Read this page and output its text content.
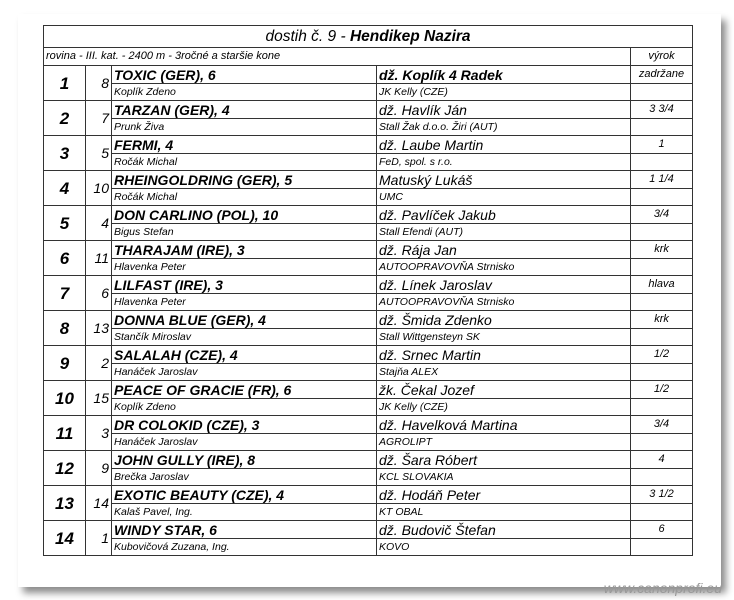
dostih č. 9 - Hendikep Nazira				
rovina - III. kat. - 2400 m - 3ročné a staršie kone				výrok
1	8	TOXIC (GER), 6	dž. Koplík 4 Radek	zadržane
		Koplík Zdeno	JK Kelly (CZE)	
2	7	TARZAN (GER), 4	dž. Havlík Ján	3 3/4
		Prunk Živa	Stall Žak d.o.o. Žiri (AUT)	
3	5	FERMI, 4	dž. Laube Martin	1
		Ročák Michal	FeD, spol. s r.o.	
4	10	RHEINGOLDRING (GER), 5	Matuský Lukáš	1 1/4
		Ročák Michal	UMC	
5	4	DON CARLINO (POL), 10	dž. Pavlíček Jakub	3/4
		Bigus Stefan	Stall Efendi (AUT)	
6	11	THARAJAM (IRE), 3	dž. Rája Jan	krk
		Hlavenka Peter	AUTOOPRAVOVŇA Strnisko	
7	6	LILFAST (IRE), 3	dž. Línek Jaroslav	hlava
		Hlavenka Peter	AUTOOPRAVOVŇA Strnisko	
8	13	DONNA BLUE (GER), 4	dž. Šmida Zdenko	krk
		Stančík Miroslav	Stall Wittgensteyn SK	
9	2	SALALAH (CZE), 4	dž. Srnec Martin	1/2
		Hanáček Jaroslav	Stajňa ALEX	
10	15	PEACE OF GRACIE (FR), 6	žk. Čekal Jozef	1/2
		Koplík Zdeno	JK Kelly (CZE)	
11	3	DR COLOKID (CZE), 3	dž. Havelková Martina	3/4
		Hanáček Jaroslav	AGROLIPT	
12	9	JOHN GULLY (IRE), 8	dž. Šara Róbert	4
		Brečka Jaroslav	KCL SLOVAKIA	
13	14	EXOTIC BEAUTY (CZE), 4	dž. Hodáň Peter	3 1/2
		Kalaš Pavel, Ing.	KT OBAL	
14	1	WINDY STAR, 6	dž. Budovič Štefan	6
		Kubovičová Zuzana, Ing.	KOVO	
www.canonprofi.eu
